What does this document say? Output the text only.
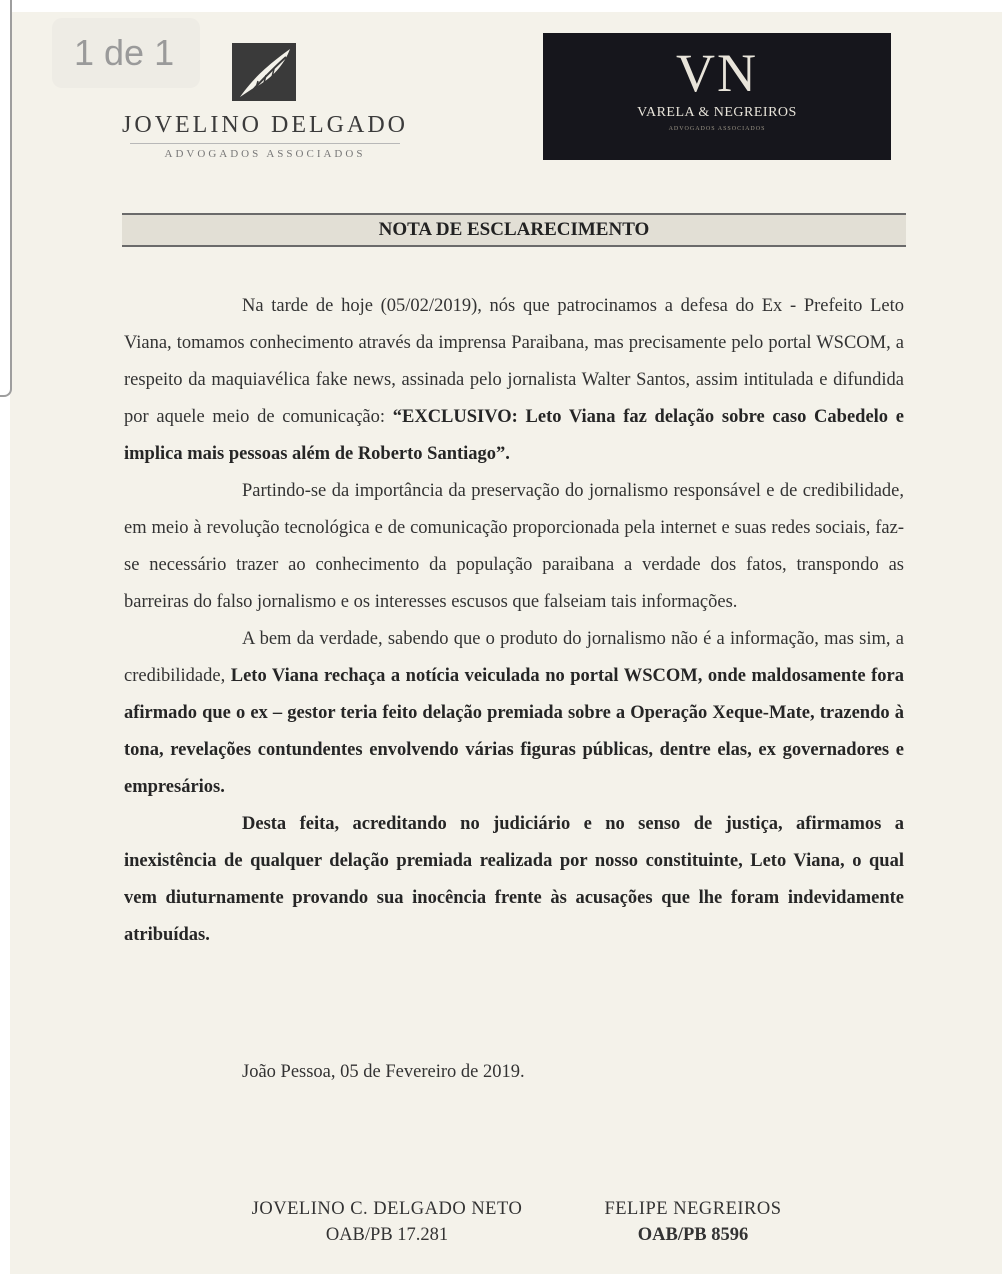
1 de 1
JOVELINO DELGADO
ADVOGADOS ASSOCIADOS
VN
VARELA & NEGREIROS
ADVOGADOS ASSOCIADOS
NOTA DE ESCLARECIMENTO

Na tarde de hoje (05/02/2019), nós que patrocinamos a defesa do Ex - Prefeito Leto Viana, tomamos conhecimento através da imprensa Paraibana, mas precisamente pelo portal WSCOM, a respeito da maquiavélica fake news, assinada pelo jornalista Walter Santos, assim intitulada e difundida por aquele meio de comunicação: “EXCLUSIVO: Leto Viana faz delação sobre caso Cabedelo e implica mais pessoas além de Roberto Santiago”.

Partindo-se da importância da preservação do jornalismo responsável e de credibilidade, em meio à revolução tecnológica e de comunicação proporcionada pela internet e suas redes sociais, faz-se necessário trazer ao conhecimento da população paraibana a verdade dos fatos, transpondo as barreiras do falso jornalismo e os interesses escusos que falseiam tais informações.

A bem da verdade, sabendo que o produto do jornalismo não é a informação, mas sim, a credibilidade, Leto Viana rechaça a notícia veiculada no portal WSCOM, onde maldosamente fora afirmado que o ex – gestor teria feito delação premiada sobre a Operação Xeque-Mate, trazendo à tona, revelações contundentes envolvendo várias figuras públicas, dentre elas, ex governadores e empresários.

Desta feita, acreditando no judiciário e no senso de justiça, afirmamos a inexistência de qualquer delação premiada realizada por nosso constituinte, Leto Viana, o qual vem diuturnamente provando sua inocência frente às acusações que lhe foram indevidamente atribuídas.

João Pessoa, 05 de Fevereiro de 2019.
JOVELINO C. DELGADO NETO
OAB/PB 17.281
FELIPE NEGREIROS
OAB/PB 8596
